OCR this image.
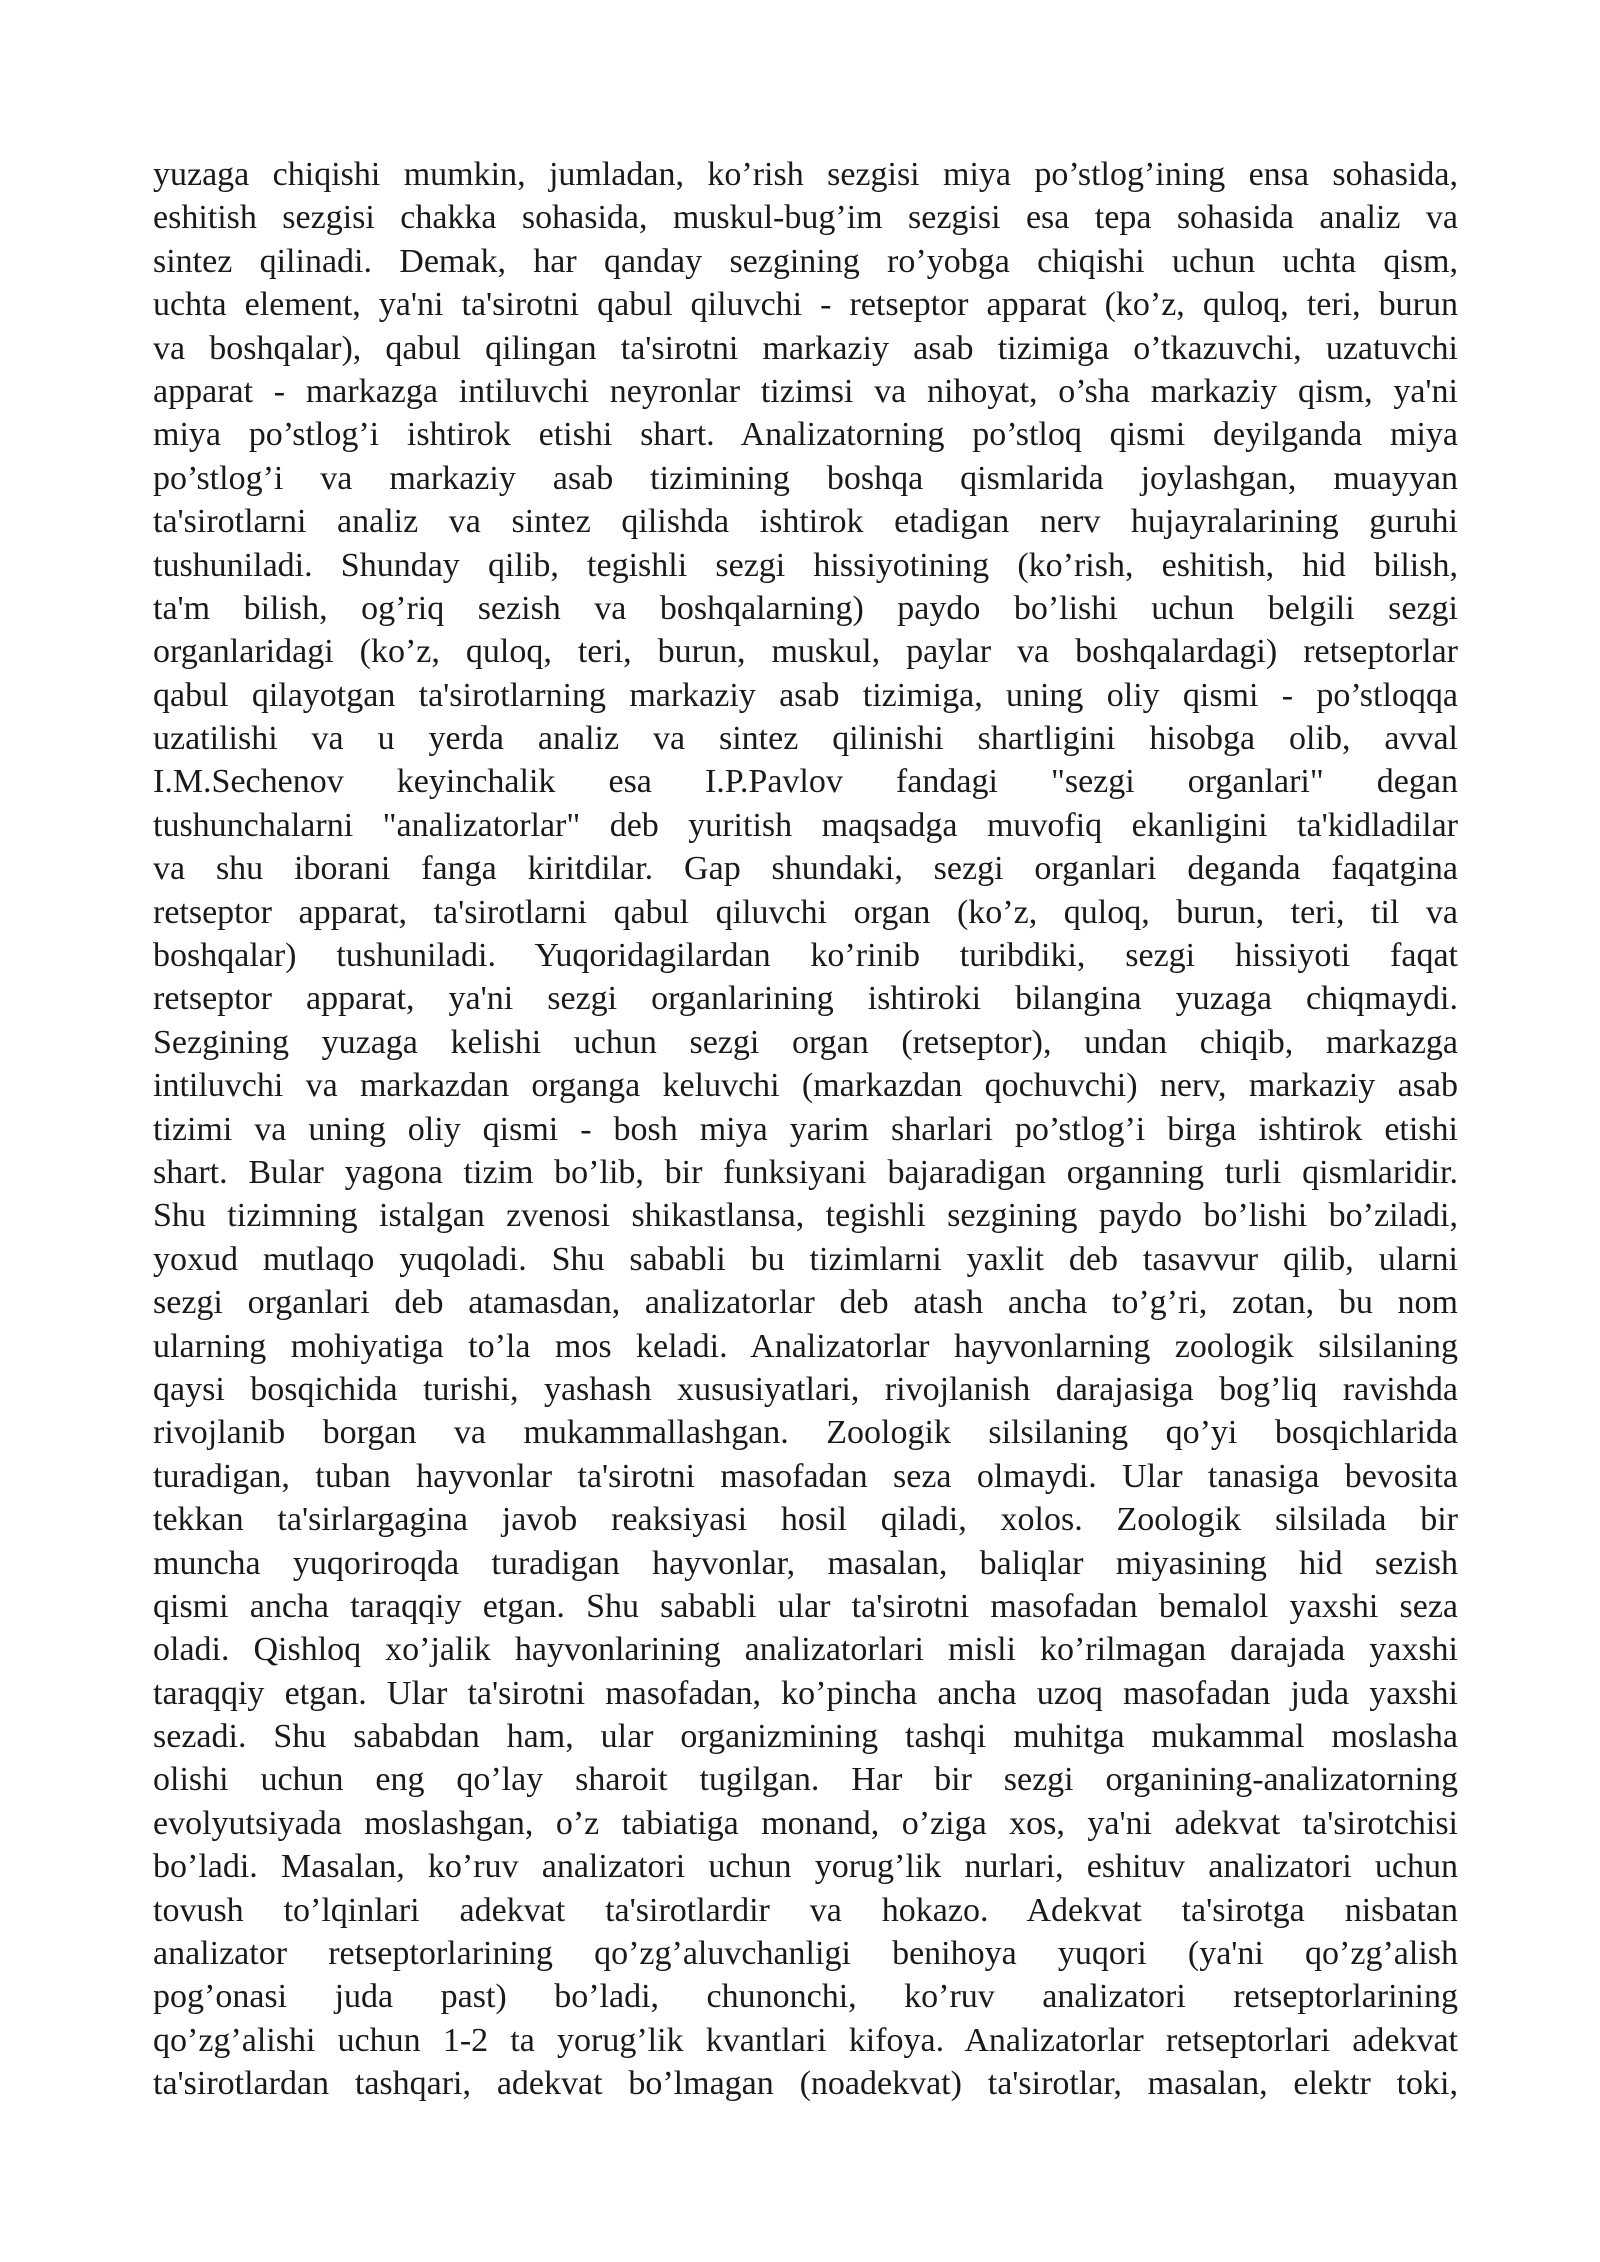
yuzaga chiqishi mumkin, jumladan, ko’rish sezgisi miya po’stlog’ining ensa sohasida,
eshitish sezgisi chakka sohasida, muskul-bug’im sezgisi esa tepa sohasida analiz va
sintez qilinadi. Demak, har qanday sezgining ro’yobga chiqishi uchun uchta qism,
uchta element, ya'ni ta'sirotni qabul qiluvchi - retseptor apparat (ko’z, quloq, teri, burun
va boshqalar), qabul qilingan ta'sirotni markaziy asab tizimiga o’tkazuvchi, uzatuvchi
apparat - markazga intiluvchi neyronlar tizimsi va nihoyat, o’sha markaziy qism, ya'ni
miya po’stlog’i ishtirok etishi shart. Analizatorning po’stloq qismi deyilganda miya
po’stlog’i va markaziy asab tizimining boshqa qismlarida joylashgan, muayyan
ta'sirotlarni analiz va sintez qilishda ishtirok etadigan nerv hujayralarining guruhi
tushuniladi. Shunday qilib, tegishli sezgi hissiyotining (ko’rish, eshitish, hid bilish,
ta'm bilish, og’riq sezish va boshqalarning) paydo bo’lishi uchun belgili sezgi
organlaridagi (ko’z, quloq, teri, burun, muskul, paylar va boshqalardagi) retseptorlar
qabul qilayotgan ta'sirotlarning markaziy asab tizimiga, uning oliy qismi - po’stloqqa
uzatilishi va u yerda analiz va sintez qilinishi shartligini hisobga olib, avval
I.M.Sechenov keyinchalik esa I.P.Pavlov fandagi "sezgi organlari" degan
tushunchalarni "analizatorlar" deb yuritish maqsadga muvofiq ekanligini ta'kidladilar
va shu iborani fanga kiritdilar. Gap shundaki, sezgi organlari deganda faqatgina
retseptor apparat, ta'sirotlarni qabul qiluvchi organ (ko’z, quloq, burun, teri, til va
boshqalar) tushuniladi. Yuqoridagilardan ko’rinib turibdiki, sezgi hissiyoti faqat
retseptor apparat, ya'ni sezgi organlarining ishtiroki bilangina yuzaga chiqmaydi.
Sezgining yuzaga kelishi uchun sezgi organ (retseptor), undan chiqib, markazga
intiluvchi va markazdan organga keluvchi (markazdan qochuvchi) nerv, markaziy asab
tizimi va uning oliy qismi - bosh miya yarim sharlari po’stlog’i birga ishtirok etishi
shart. Bular yagona tizim bo’lib, bir funksiyani bajaradigan organning turli qismlaridir.
Shu tizimning istalgan zvenosi shikastlansa, tegishli sezgining paydo bo’lishi bo’ziladi,
yoxud mutlaqo yuqoladi. Shu sababli bu tizimlarni yaxlit deb tasavvur qilib, ularni
sezgi organlari deb atamasdan, analizatorlar deb atash ancha to’g’ri, zotan, bu nom
ularning mohiyatiga to’la mos keladi. Analizatorlar hayvonlarning zoologik silsilaning
qaysi bosqichida turishi, yashash xususiyatlari, rivojlanish darajasiga bog’liq ravishda
rivojlanib borgan va mukammallashgan. Zoologik silsilaning qo’yi bosqichlarida
turadigan, tuban hayvonlar ta'sirotni masofadan seza olmaydi. Ular tanasiga bevosita
tekkan ta'sirlargagina javob reaksiyasi hosil qiladi, xolos. Zoologik silsilada bir
muncha yuqoriroqda turadigan hayvonlar, masalan, baliqlar miyasining hid sezish
qismi ancha taraqqiy etgan. Shu sababli ular ta'sirotni masofadan bemalol yaxshi seza
oladi. Qishloq xo’jalik hayvonlarining analizatorlari misli ko’rilmagan darajada yaxshi
taraqqiy etgan. Ular ta'sirotni masofadan, ko’pincha ancha uzoq masofadan juda yaxshi
sezadi. Shu sababdan ham, ular organizmining tashqi muhitga mukammal moslasha
olishi uchun eng qo’lay sharoit tugilgan. Har bir sezgi organining-analizatorning
evolyutsiyada moslashgan, o’z tabiatiga monand, o’ziga xos, ya'ni adekvat ta'sirotchisi
bo’ladi. Masalan, ko’ruv analizatori uchun yorug’lik nurlari, eshituv analizatori uchun
tovush to’lqinlari adekvat ta'sirotlardir va hokazo. Adekvat ta'sirotga nisbatan
analizator retseptorlarining qo’zg’aluvchanligi benihoya yuqori (ya'ni qo’zg’alish
pog’onasi juda past) bo’ladi, chunonchi, ko’ruv analizatori retseptorlarining
qo’zg’alishi uchun 1-2 ta yorug’lik kvantlari kifoya. Analizatorlar retseptorlari adekvat
ta'sirotlardan tashqari, adekvat bo’lmagan (noadekvat) ta'sirotlar, masalan, elektr toki,
